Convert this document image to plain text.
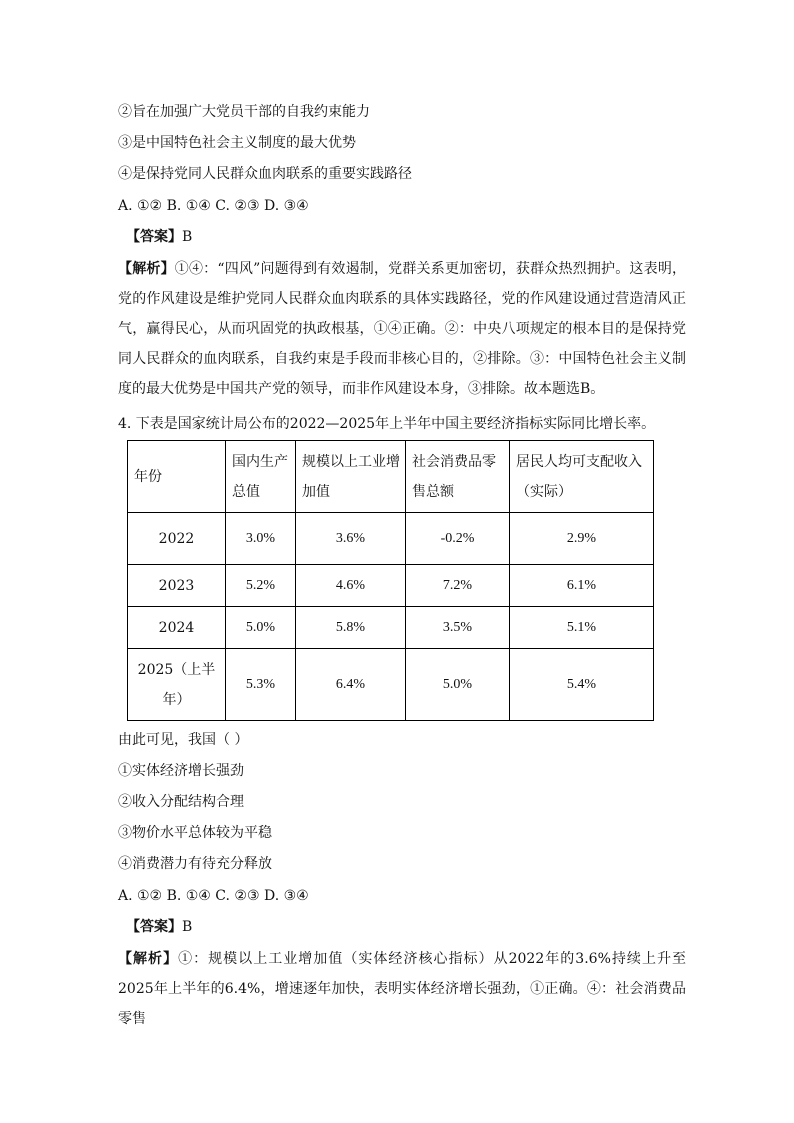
②旨在加强广大党员干部的自我约束能力
③是中国特色社会主义制度的最大优势
④是保持党同人民群众血肉联系的重要实践路径
A. ①② B. ①④ C. ②③ D. ③④
【答案】B
【解析】①④：“四风”问题得到有效遏制，党群关系更加密切，获群众热烈拥护。这表明，党的作风建设是维护党同人民群众血肉联系的具体实践路径，党的作风建设通过营造清风正气，赢得民心，从而巩固党的执政根基，①④正确。②：中央八项规定的根本目的是保持党同人民群众的血肉联系，自我约束是手段而非核心目的，②排除。③：中国特色社会主义制度的最大优势是中国共产党的领导，而非作风建设本身，③排除。故本题选B。
4. 下表是国家统计局公布的2022—2025年上半年中国主要经济指标实际同比增长率。
年份	国内生产总值	规模以上工业增加值	社会消费品零售总额	居民人均可支配收入（实际）
2022	3.0%	3.6%	-0.2%	2.9%
2023	5.2%	4.6%	7.2%	6.1%
2024	5.0%	5.8%	3.5%	5.1%
2025（上半年）	5.3%	6.4%	5.0%	5.4%
由此可见，我国（ ）
①实体经济增长强劲
②收入分配结构合理
③物价水平总体较为平稳
④消费潜力有待充分释放
A. ①② B. ①④ C. ②③ D. ③④
【答案】B
【解析】①：规模以上工业增加值（实体经济核心指标）从2022年的3.6%持续上升至2025年上半年的6.4%，增速逐年加快，表明实体经济增长强劲，①正确。④：社会消费品零售
